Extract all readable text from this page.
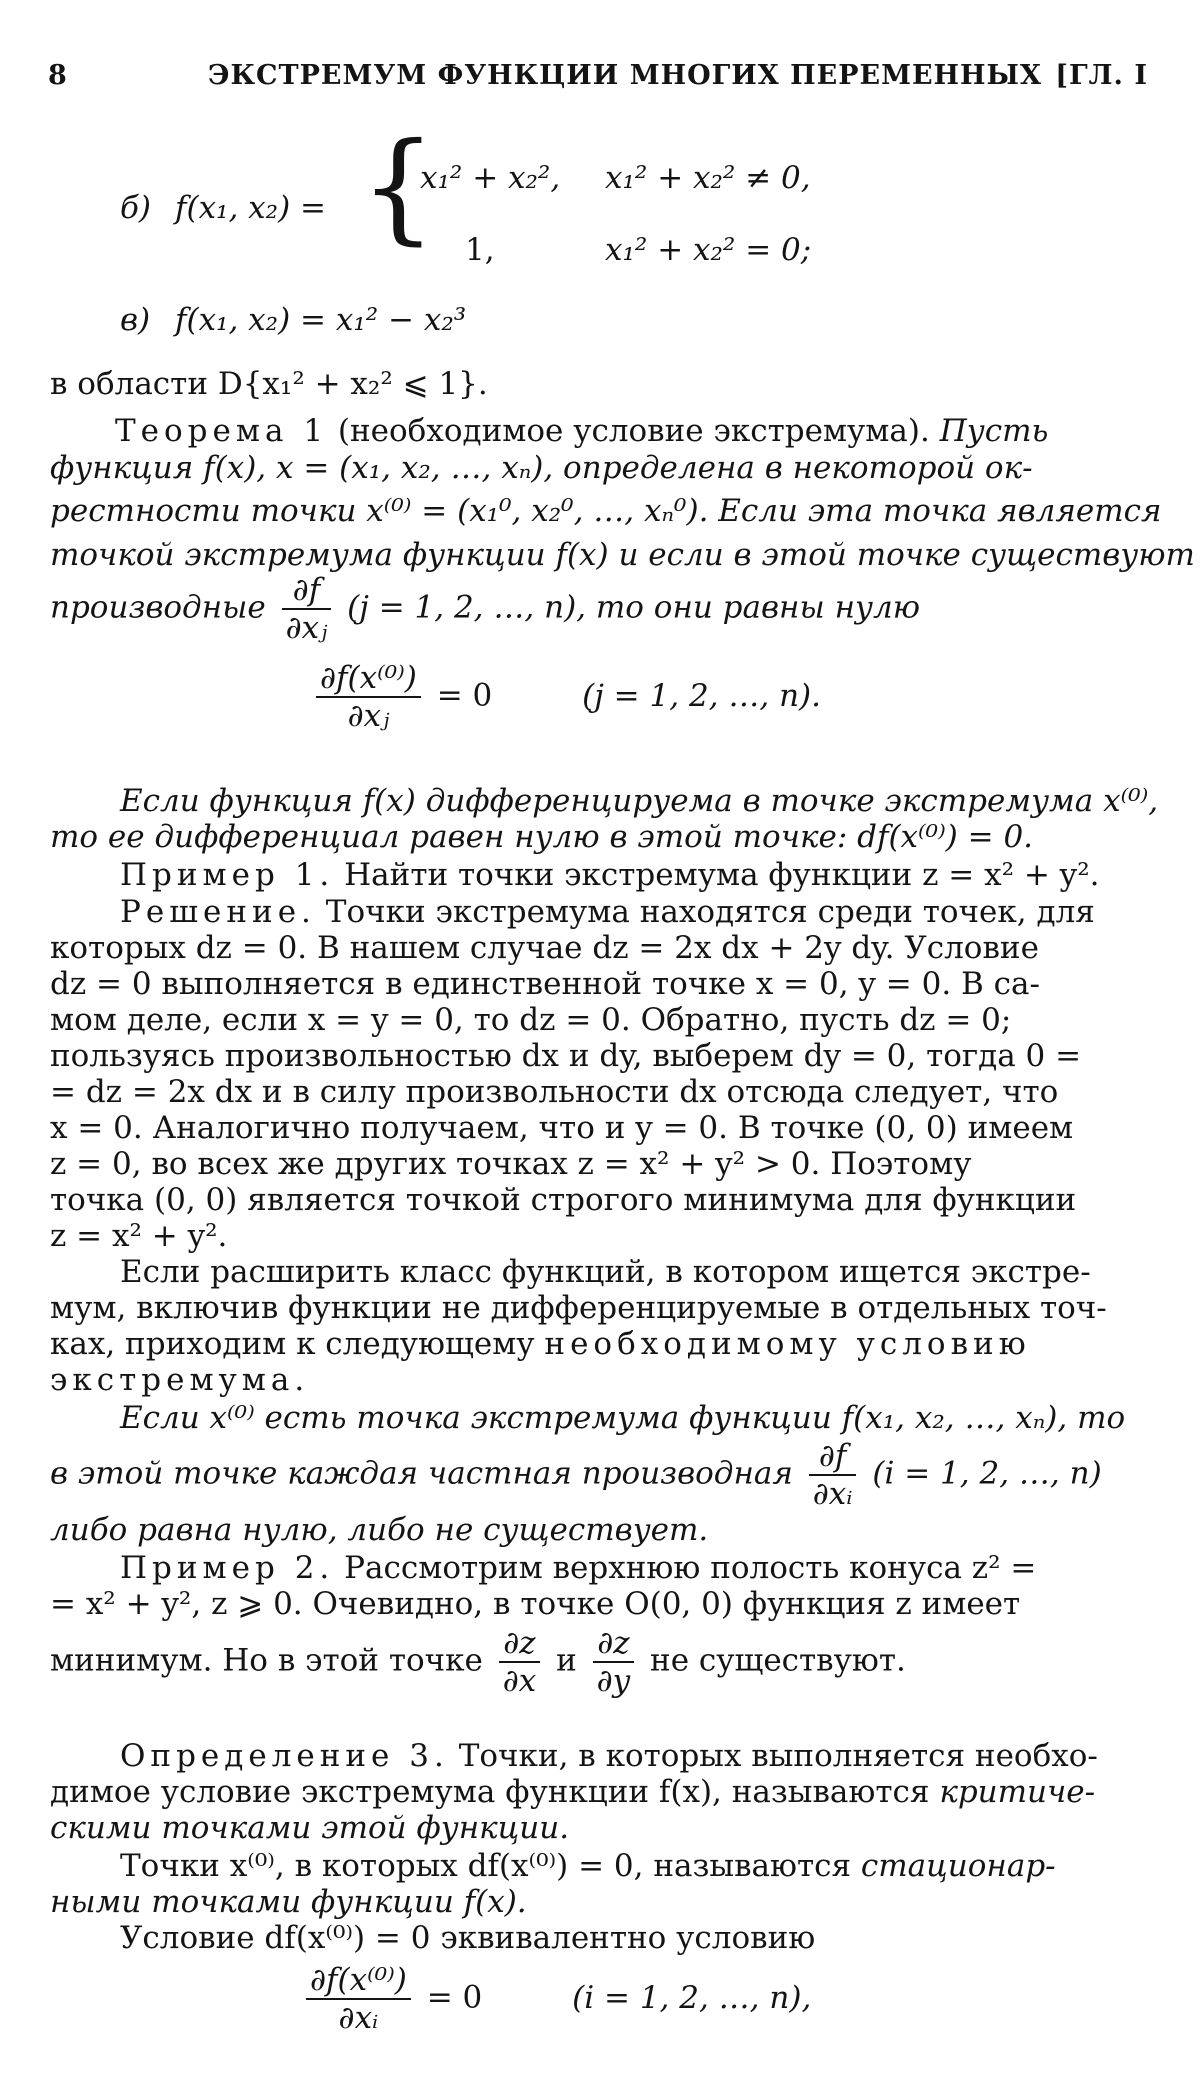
8	ЭКСТРЕМУМ ФУНКЦИИ МНОГИХ ПЕРЕМЕННЫХ [ГЛ. I
б) f(x₁, x₂) = {
x₁² + x₂², x₁² + x₂² ≠ 0,
1,	x₁² + x₂² = 0;
в) f(x₁, x₂) = x₁² − x₂³
в области D{x₁² + x₂² ⩽ 1}.
Теорема 1 (необходимое условие экстремума). Пусть
функция f(x), x = (x₁, x₂, …, xₙ), определена в некоторой ок-
рестности точки x⁽⁰⁾ = (x₁⁰, x₂⁰, …, xₙ⁰). Если эта точка является
точкой экстремума функции f(x) и если в этой точке существуют
производные $\frac{\partial f}{\text{∂xⱼ}} (j = 1$, 2, …, n), то они равны нулю
$\frac{\text{∂f(x⁽⁰⁾)}}{\text{∂xⱼ}} = 0$	(j = 1, 2, …, n).
Если функция f(x) дифференцируема в точке экстремума x⁽⁰⁾,
то ее дифференциал равен нулю в этой точке: df(x⁽⁰⁾) = 0.
Пример 1. Найти точки экстремума функции z = x² + y².
Решение. Точки экстремума находятся среди точек, для
которых dz = 0. В нашем случае dz = 2x dx + 2y dy. Условие
dz = 0 выполняется в единственной точке x = 0, y = 0. В са-
мом деле, если x = y = 0, то dz = 0. Обратно, пусть dz = 0;
пользуясь произвольностью dx и dy, выберем dy = 0, тогда 0 =
= dz = 2x dx и в силу произвольности dx отсюда следует, что
x = 0. Аналогично получаем, что и y = 0. В точке (0, 0) имеем
z = 0, во всех же других точках z = x² + y² > 0. Поэтому
точка (0, 0) является точкой строгого минимума для функции
z = x² + y².
Если расширить класс функций, в котором ищется экстре-
мум, включив функции не дифференцируемые в отдельных точ-
ках, приходим к следующему необходимому условию
экстремума.
Если x⁽⁰⁾ есть точка экстремума функции f(x₁, x₂, …, xₙ), то
в этой точке каждая частная производная $\frac{\partial f}{\text{∂xᵢ}} (i = 1$, 2, …, n)
либо равна нулю, либо не существует.
Пример 2. Рассмотрим верхнюю полость конуса z² =
= x² + y², z ⩾ 0. Очевидно, в точке O(0, 0) функция z имеет
минимум. Но в этой точке $\frac{\partial z}{\partial x}$ и $\frac{\partial z}{\partial y}$ не существуют.
Определение 3. Точки, в которых выполняется необхо-
димое условие экстремума функции f(x), называются критиче-
скими точками этой функции.
Точки x⁽⁰⁾, в которых df(x⁽⁰⁾) = 0, называются стационар-
ными точками функции f(x).
Условие df(x⁽⁰⁾) = 0 эквивалентно условию
$\frac{\text{∂f(x⁽⁰⁾)}}{\text{∂xᵢ}} = 0$	(i = 1, 2, …, n),
